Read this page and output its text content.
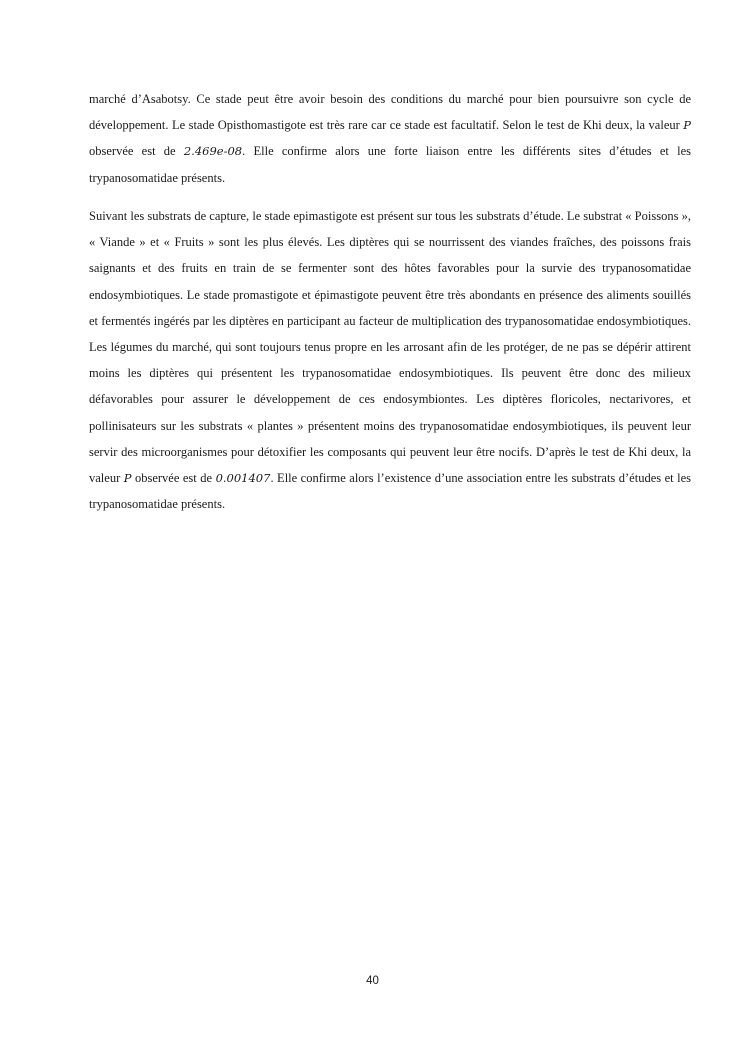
marché d’Asabotsy. Ce stade peut être avoir besoin des conditions du marché pour bien poursuivre son cycle de développement. Le stade Opisthomastigote est très rare car ce stade est facultatif. Selon le test de Khi deux, la valeur P observée est de 2.469e-08. Elle confirme alors une forte liaison entre les différents sites d’études et les trypanosomatidae présents.

Suivant les substrats de capture, le stade epimastigote est présent sur tous les substrats d’étude. Le substrat « Poissons », « Viande » et « Fruits » sont les plus élevés. Les diptères qui se nourrissent des viandes fraîches, des poissons frais saignants et des fruits en train de se fermenter sont des hôtes favorables pour la survie des trypanosomatidae endosymbiotiques. Le stade promastigote et épimastigote peuvent être très abondants en présence des aliments souillés et fermentés ingérés par les diptères en participant au facteur de multiplication des trypanosomatidae endosymbiotiques. Les légumes du marché, qui sont toujours tenus propre en les arrosant afin de les protéger, de ne pas se dépérir attirent moins les diptères qui présentent les trypanosomatidae endosymbiotiques. Ils peuvent être donc des milieux défavorables pour assurer le développement de ces endosymbiontes. Les diptères floricoles, nectarivores, et pollinisateurs sur les substrats « plantes » présentent moins des trypanosomatidae endosymbiotiques, ils peuvent leur servir des microorganismes pour détoxifier les composants qui peuvent leur être nocifs. D’après le test de Khi deux, la valeur P observée est de 0.001407. Elle confirme alors l’existence d’une association entre les substrats d’études et les trypanosomatidae présents.

40
